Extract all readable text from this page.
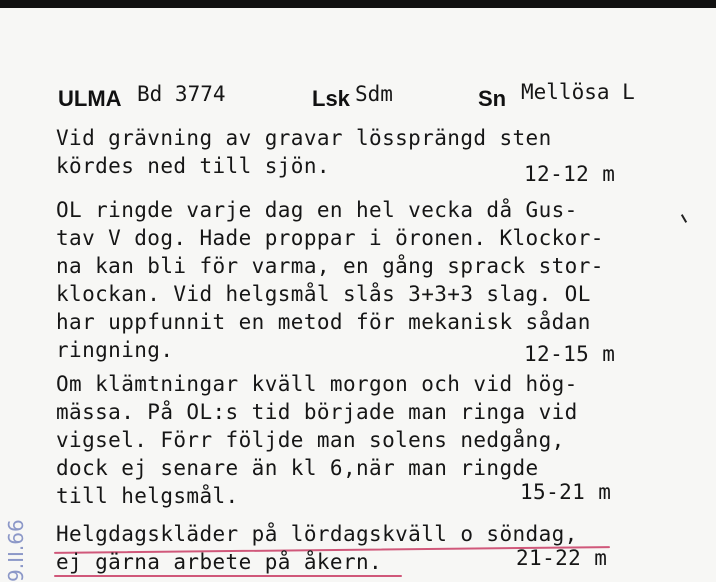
ULMA Bd 3774	Lsk Sdm	Sn Mellösa L
Vid grävning av gravar lössprängd sten
kördes ned till sjön.	12-12 m
OL ringde varje dag en hel vecka då Gus-
tav V dog. Hade proppar i öronen. Klockor-
na kan bli för varma, en gång sprack stor-
klockan. Vid helgsmål slås 3+3+3 slag. OL
har uppfunnit en metod för mekanisk sådan
ringning.	12-15 m
Om klämtningar kväll morgon och vid hög-
mässa. På OL:s tid började man ringa vid
vigsel. Förr följde man solens nedgång,
dock ej senare än kl 6,när man ringde
till helgsmål.	15-21 m
Helgdagskläder på lördagskväll o söndag,
ej gärna arbete på åkern.	21-22 m
9.II.66
